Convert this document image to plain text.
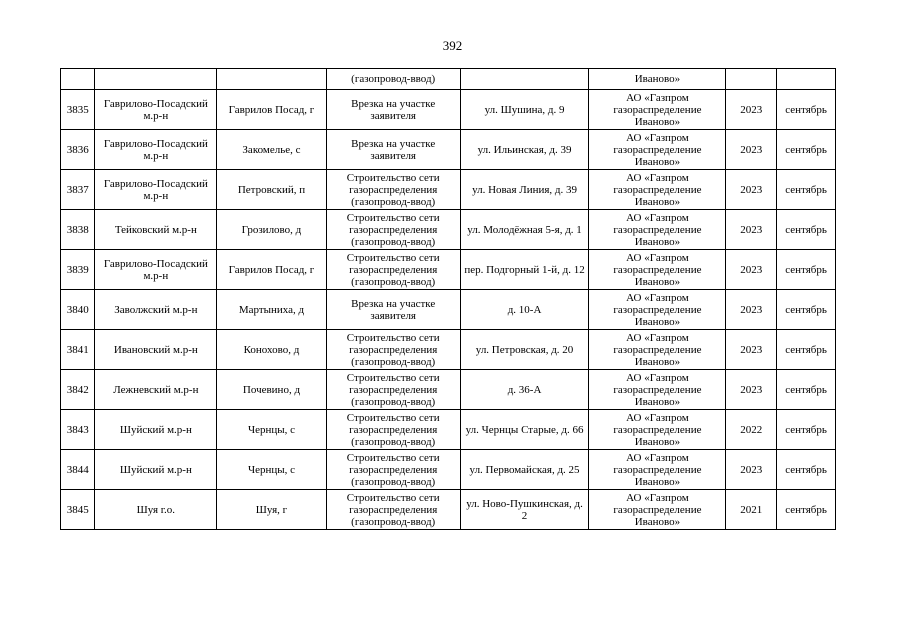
392
			(газопровод-ввод)		Иваново»		
3835	Гаврилово-Посадский м.р-н	Гаврилов Посад, г	Врезка на участке заявителя	ул. Шушина, д. 9	АО «Газпром газораспределение Иваново»	2023	сентябрь
3836	Гаврилово-Посадский м.р-н	Закомелье, с	Врезка на участке заявителя	ул. Ильинская, д. 39	АО «Газпром газораспределение Иваново»	2023	сентябрь
3837	Гаврилово-Посадский м.р-н	Петровский, п	Строительство сети газораспределения (газопровод-ввод)	ул. Новая Линия, д. 39	АО «Газпром газораспределение Иваново»	2023	сентябрь
3838	Тейковский м.р-н	Грозилово, д	Строительство сети газораспределения (газопровод-ввод)	ул. Молодёжная 5-я, д. 1	АО «Газпром газораспределение Иваново»	2023	сентябрь
3839	Гаврилово-Посадский м.р-н	Гаврилов Посад, г	Строительство сети газораспределения (газопровод-ввод)	пер. Подгорный 1-й, д. 12	АО «Газпром газораспределение Иваново»	2023	сентябрь
3840	Заволжский м.р-н	Мартыниха, д	Врезка на участке заявителя	д. 10-А	АО «Газпром газораспределение Иваново»	2023	сентябрь
3841	Ивановский м.р-н	Конохово, д	Строительство сети газораспределения (газопровод-ввод)	ул. Петровская, д. 20	АО «Газпром газораспределение Иваново»	2023	сентябрь
3842	Лежневский м.р-н	Почевино, д	Строительство сети газораспределения (газопровод-ввод)	д. 36-А	АО «Газпром газораспределение Иваново»	2023	сентябрь
3843	Шуйский м.р-н	Чернцы, с	Строительство сети газораспределения (газопровод-ввод)	ул. Чернцы Старые, д. 66	АО «Газпром газораспределение Иваново»	2022	сентябрь
3844	Шуйский м.р-н	Чернцы, с	Строительство сети газораспределения (газопровод-ввод)	ул. Первомайская, д. 25	АО «Газпром газораспределение Иваново»	2023	сентябрь
3845	Шуя г.о.	Шуя, г	Строительство сети газораспределения (газопровод-ввод)	ул. Ново-Пушкинская, д. 2	АО «Газпром газораспределение Иваново»	2021	сентябрь
